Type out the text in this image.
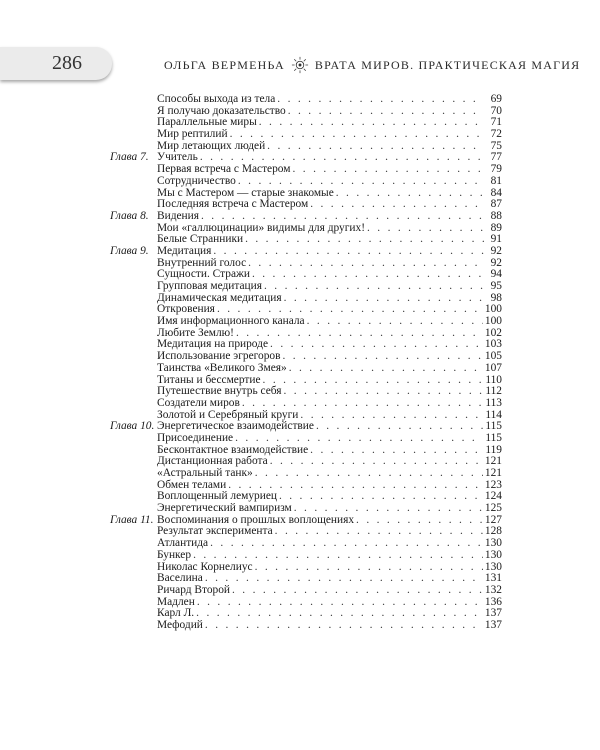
286	ОЛЬГА ВЕРМЕНЬА	ВРАТА МИРОВ. ПРАКТИЧЕСКАЯ МАГИЯ
Способы выхода из тела . . .	69
Я получаю доказательство . . .	70
Параллельные миры . . .	71
Мир рептилий . . .	72
Мир летающих людей . . .	75
Глава 7. Учитель . . .	77
Первая встреча с Мастером . . .	79
Сотрудничество . . .	81
Мы с Мастером — старые знакомые . . .	84
Последняя встреча с Мастером . . .	87
Глава 8. Видения . . .	88
Мои «галлюцинации» видимы для других! . . .	89
Белые Странники . . .	91
Глава 9. Медитация . . .	92
Внутренний голос . . .	92
Сущности. Стражи . . .	94
Групповая медитация . . .	95
Динамическая медитация . . .	98
Откровения . . .	100
Имя информационного канала . . .	100
Любите Землю! . . .	102
Медитация на природе . . .	103
Использование эгрегоров . . .	105
Таинства «Великого Змея» . . .	107
Титаны и бессмертие . . .	110
Путешествие внутрь себя . . .	112
Создатели миров . . .	113
Золотой и Серебряный круги . . .	114
Глава 10. Энергетическое взаимодействие . . .	115
Присоединение . . .	115
Бесконтактное взаимодействие . . .	119
Дистанционная работа . . .	121
«Астральный танк» . . .	121
Обмен телами . . .	123
Воплощенный лемуриец . . .	124
Энергетический вампиризм . . .	125
Глава 11. Воспоминания о прошлых воплощениях . . .	127
Результат эксперимента . . .	128
Атлантида . . .	130
Бункер . . .	130
Николас Корнелиус . . .	130
Васелина . . .	131
Ричард Второй . . .	132
Мадлен . . .	136
Карл Л. . . .	137
Мефодий . . .	137
